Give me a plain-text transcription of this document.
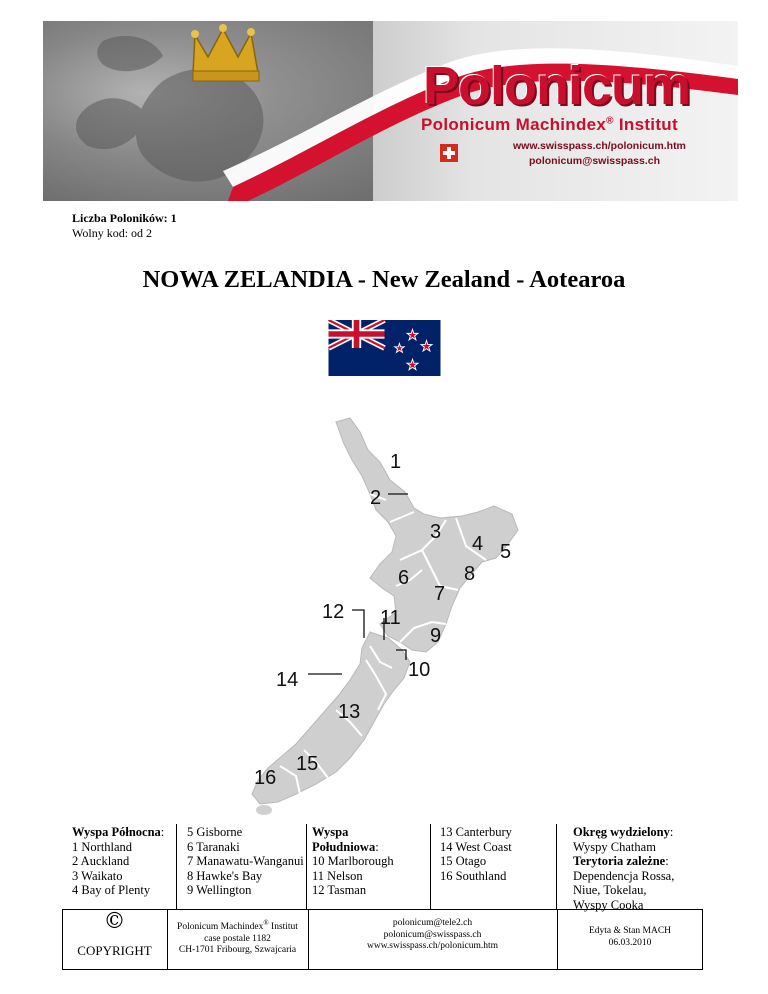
Polonicum
Polonicum Machindex® Institut
www.swisspass.ch/polonicum.htm
polonicum@swisspass.ch
Liczba Poloników: 1
Wolny kod: od 2
NOWA ZELANDIA - New Zealand - Aotearoa
1
2
3
4 5
6
7
8
9
10
11
12
13
14
15
16
Wyspa Północna:
1 Northland
2 Auckland
3 Waikato
4 Bay of Plenty
5 Gisborne
6 Taranaki
7 Manawatu-Wanganui
8 Hawke's Bay
9 Wellington
Wyspa
Południowa:
10 Marlborough
11 Nelson
12 Tasman
13 Canterbury
14 West Coast
15 Otago
16 Southland
Okręg wydzielony:
Wyspy Chatham
Terytoria zależne:
Dependencja Rossa,
Niue, Tokelau,
Wyspy Cooka
©
COPYRIGHT
Polonicum Machindex® Institut
case postale 1182
CH-1701 Fribourg, Szwajcaria
polonicum@tele2.ch
polonicum@swisspass.ch
www.swisspass.ch/polonicum.htm
Edyta & Stan MACH
06.03.2010
